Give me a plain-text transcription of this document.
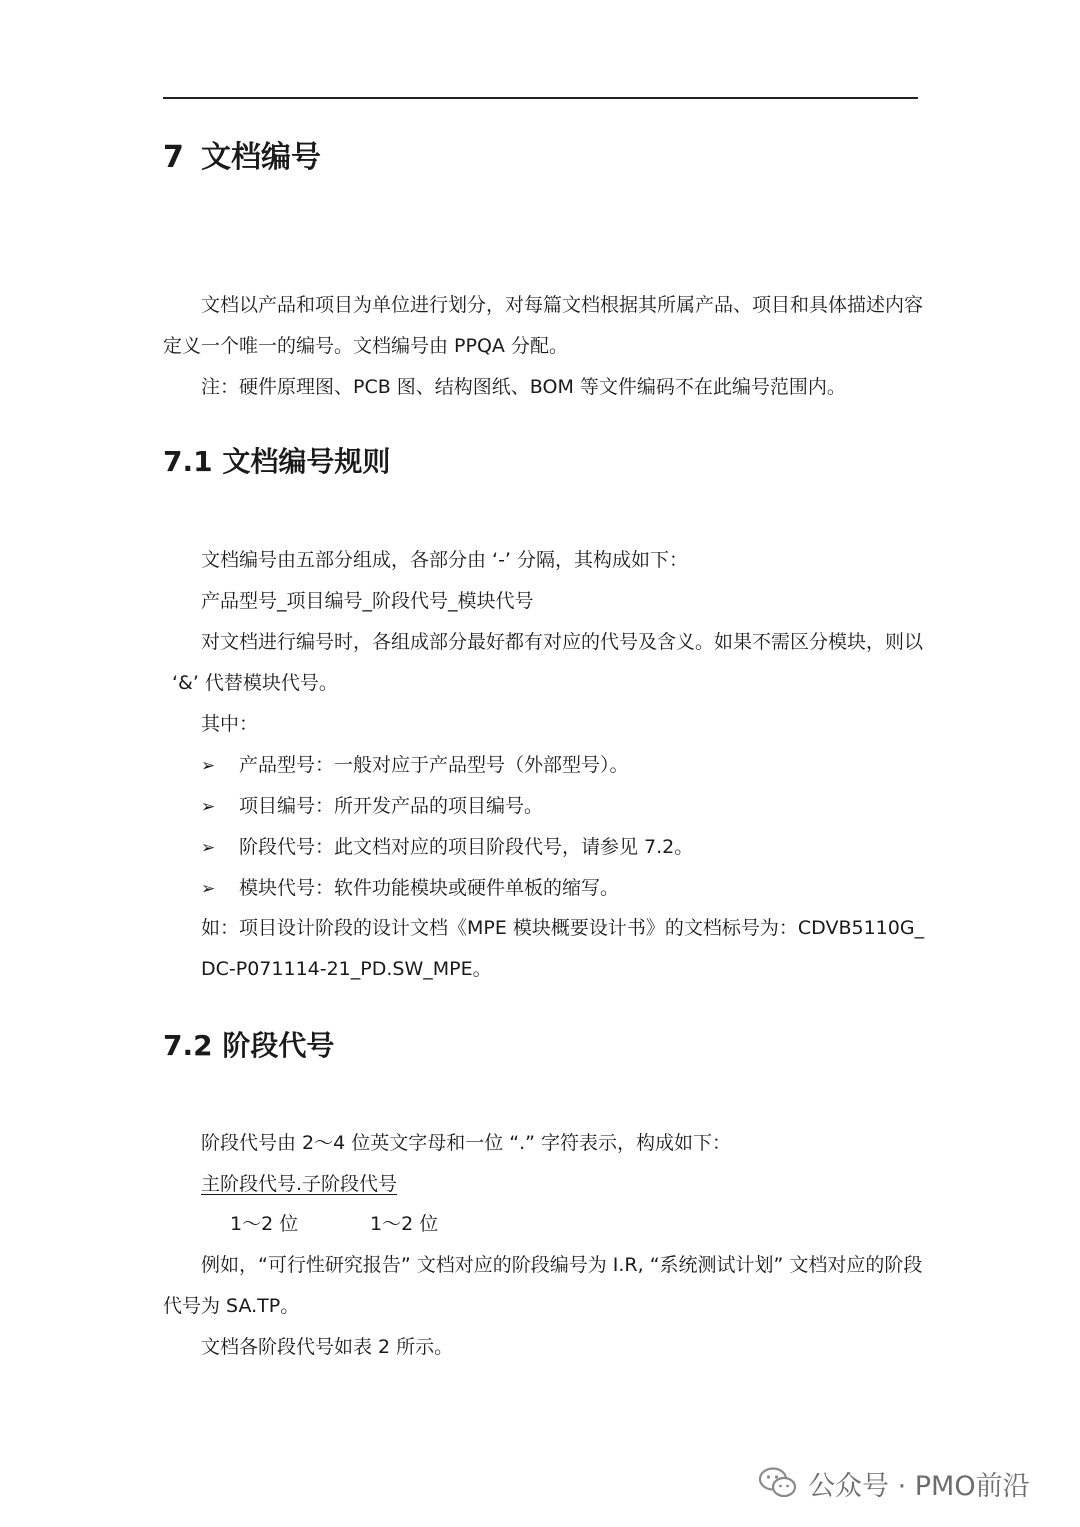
7 文档编号
文档以产品和项目为单位进行划分，对每篇文档根据其所属产品、项目和具体描述内容
定义一个唯一的编号。文档编号由 PPQA 分配。
注：硬件原理图、PCB 图、结构图纸、BOM 等文件编码不在此编号范围内。
7.1 文档编号规则
文档编号由五部分组成，各部分由 ‘-’ 分隔，其构成如下：
产品型号_项目编号_阶段代号_模块代号
对文档进行编号时，各组成部分最好都有对应的代号及含义。如果不需区分模块，则以
‘&’ 代替模块代号。
其中：
➢ 产品型号：一般对应于产品型号（外部型号）。
➢ 项目编号：所开发产品的项目编号。
➢ 阶段代号：此文档对应的项目阶段代号，请参见 7.2。
➢ 模块代号：软件功能模块或硬件单板的缩写。
如：项目设计阶段的设计文档《MPE 模块概要设计书》的文档标号为：CDVB5110G_
DC-P071114-21_PD.SW_MPE。
7.2 阶段代号
阶段代号由 2～4 位英文字母和一位 “.” 字符表示，构成如下：
主阶段代号.子阶段代号
1～2 位	1～2 位
例如，“可行性研究报告” 文档对应的阶段编号为 I.R, “系统测试计划” 文档对应的阶段
代号为 SA.TP。
文档各阶段代号如表 2 所示。
公众号 · PMO前沿
